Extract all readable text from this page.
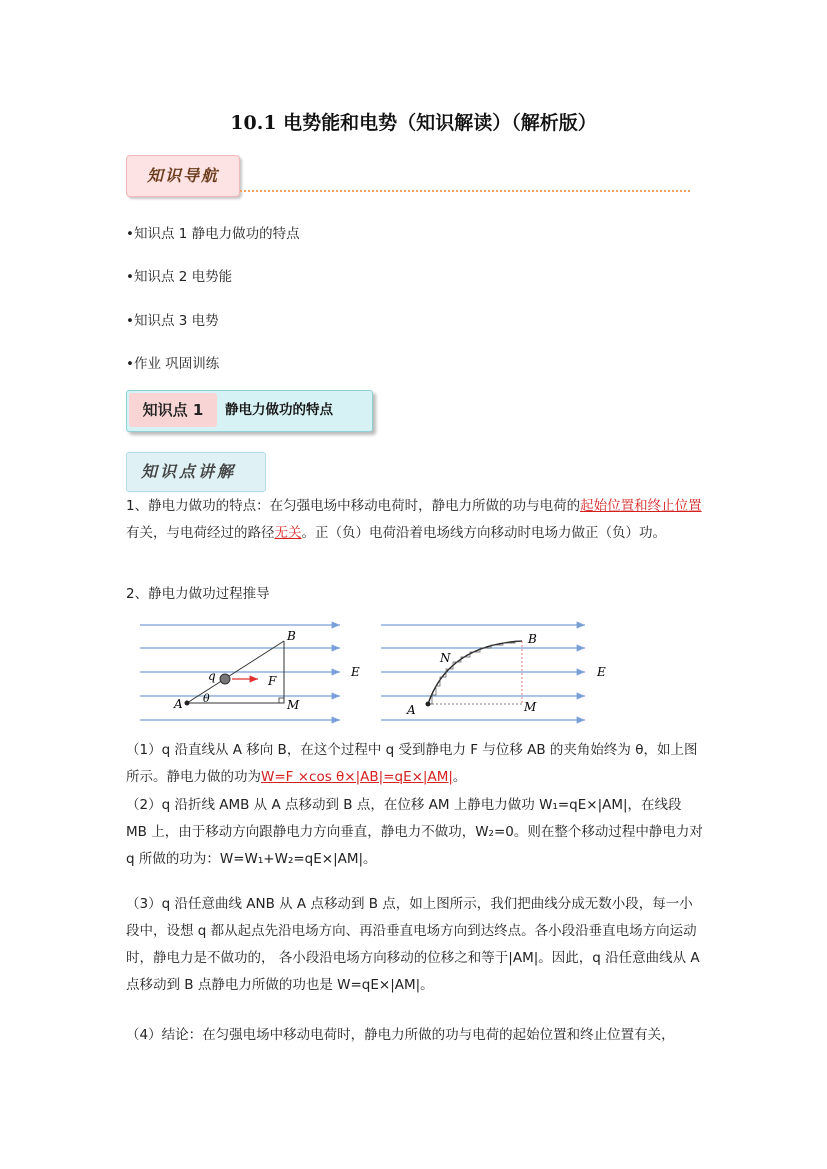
10.1 电势能和电势（知识解读）（解析版）
知识导航
•知识点 1 静电力做功的特点
•知识点 2 电势能
•知识点 3 电势
•作业 巩固训练
知识点 1	静电力做功的特点
知识点讲解
1、静电力做功的特点：在匀强电场中移动电荷时，静电力所做的功与电荷的起始位置和终止位置有关，与电荷经过的路径无关。正（负）电荷沿着电场线方向移动时电场力做正（负）功。
2、静电力做功过程推导
B
q	F
E
A θ	M
N
B
E
A	M
（1）q 沿直线从 A 移向 B，在这个过程中 q 受到静电力 F 与位移 AB 的夹角始终为 θ，如上图所示。静电力做的功为W=F ×cos θ×|AB|=qE×|AM|。
（2）q 沿折线 AMB 从 A 点移动到 B 点，在位移 AM 上静电力做功 W₁=qE×|AM|，在线段 MB 上，由于移动方向跟静电力方向垂直，静电力不做功，W₂=0。则在整个移动过程中静电力对 q 所做的功为：W=W₁+W₂=qE×|AM|。
（3）q 沿任意曲线 ANB 从 A 点移动到 B 点，如上图所示，我们把曲线分成无数小段，每一小段中，设想 q 都从起点先沿电场方向、再沿垂直电场方向到达终点。各小段沿垂直电场方向运动时，静电力是不做功的， 各小段沿电场方向移动的位移之和等于|AM|。因此，q 沿任意曲线从 A 点移动到 B 点静电力所做的功也是 W=qE×|AM|。
（4）结论：在匀强电场中移动电荷时，静电力所做的功与电荷的起始位置和终止位置有关，
